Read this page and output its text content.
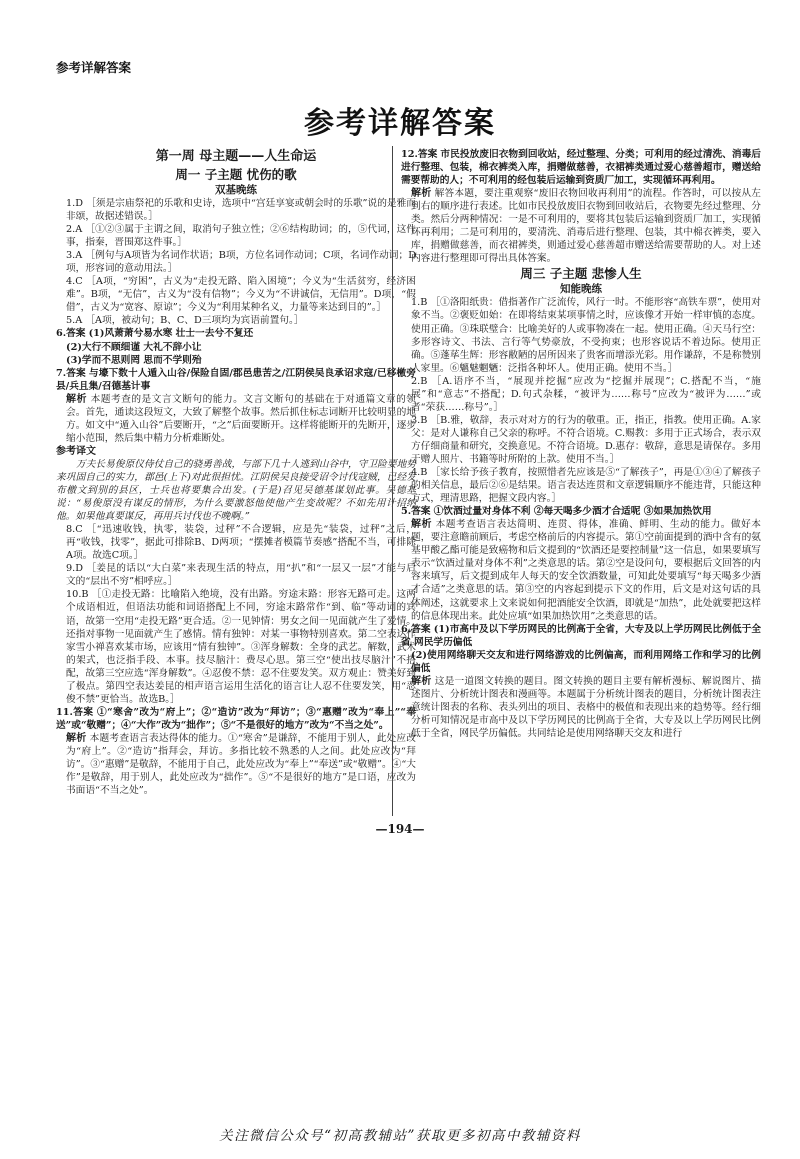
参考详解答案
参考详解答案

第一周 母主题——人生命运

周一 子主题 忧伤的歌

双基晚练

1.D ［须是宗庙祭祀的乐歌和史诗，选项中“宫廷享宴或朝会时的乐歌”说的是雅而非颂，故据述错误。］

2.A ［①②③属于主谓之间，取消句子独立性；②⑥结构助词；的，⑤代词，这件事，指秦，晋围郑这件事。］

3.A ［例句与A项皆为名词作状语；B项，方位名词作动词；C项，名词作动词；D项，形容词的意动用法。］

4.C ［A项，“穷困”，古义为“走投无路、陷入困境”；今义为“生活贫穷，经济困难”。B项，“无信”，古义为“没有信物”；今义为“不讲诚信，无信用”。D项，“假借”，古义为“宽容、原谅”；今义为“利用某种名义，力量等来达到目的”。］

5.A ［A项，被动句；B、C、D三项均为宾语前置句。］

6.答案 (1)风萧萧兮易水寒 壮士一去兮不复还

(2)大行不顾细谨 大礼不辞小让

(3)学而不思则罔 思而不学则殆

7.答案 与壕下数十人遁入山谷/保险自固/郡邑患苦之/江阴侯吴良承诏求寇/已移檄旁县/兵且集/召德基计事

解析 本题考查的是文言文断句的能力。文言文断句的基础在于对通篇文章的领会。首先，通读这段短文，大致了解整个故事。然后抓住标志词断开比较明显的地方。如文中“遁入山谷”后要断开，“之”后面要断开。这样将能断开的先断开，逐步缩小范围，然后集中精力分析难断处。

参考译文

万夫长易俊原仪侍仗自己的骁勇善战，与部下几十人逃到山谷中，守卫险要地势来巩固自己的实力，郡邑(上下)对此很担忧。江阴侯吴良接受诏令讨伐寇贼，已经发布檄文到别的县区，士兵也将要集合出发。(于是)召见吴德基谋划此事。吴德基说：“易俊原没有谋反的情形，为什么要激怒他使他产生变故呢？不如先用计招纳他。如果他真要谋反，再用兵讨伐也不晚啊。”

8.C ［“迅速收钱，执零，装袋，过秤”不合逻辑，应是先“装袋，过秤”之后，再“收钱，找零”，据此可排除B、D两项；“摆摊者模篇节奏感”搭配不当，可排除A项。故选C项。］

9.D ［姜昆的话以“大白菜”来表现生活的特点，用“扒”和“一层又一层”才能与后文的“层出不穷”相呼应。］

10.B ［①走投无路：比喻陷入绝境，没有出路。穷途末路：形容无路可走。这两个成语相近，但语法功能和词语搭配上不同，穷途末路常作“到、临”等动词的宾语，故第一空用“走投无路”更合适。②一见钟情：男女之间一见面就产生了爱情。还指对事物一见面就产生了感情。情有独钟：对某一事物特别喜欢。第二空表达作家雪小禅喜欢某市场，应该用“情有独钟”。③浑身解数：全身的武艺。解数，武术的架式，也泛指手段、本事。技尽脑汁：费尽心思。第三空“使出技尽脑汁”不搭配，故第三空应选“浑身解数”。④忍俊不禁：忍不住要发笑。双方观止：赞美好到了极点。第四空表达姜昆的相声语言运用生活化的语言让人忍不住要发笑，用“忍俊不禁”更恰当。故选B。］

11.答案 ①“寒舍”改为“府上”；②“造访”改为“拜访”；③“惠赠”改为“奉上”“奉送”或“敬赠”；④“大作”改为“拙作”；⑤“不是很好的地方”改为“不当之处”。

解析 本题考查语言表达得体的能力。①“寒舍”是谦辞，不能用于别人，此处应改为“府上”。②“造访”指拜会，拜访。多指比较不熟悉的人之间。此处应改为“拜访”。③“惠赠”是敬辞，不能用于自己，此处应改为“奉上”“奉送”或“敬赠”。④“大作”是敬辞，用于别人，此处应改为“拙作”。⑤“不是很好的地方”是口语，应改为书面语“不当之处”。

12.答案 市民投放废旧衣物到回收站，经过整理、分类；可利用的经过清洗、消毒后进行整理、包装，棉衣裤类入库，捐赠做慈善，衣裙裤类通过爱心慈善超市，赠送给需要帮助的人；不可利用的经包装后运输到资质厂加工，实现循环再利用。

解析 解答本题，要注重观察“废旧衣物回收再利用”的流程。作答时，可以按从左到右的顺序进行表述。比如市民投放废旧衣物到回收站后，衣物要先经过整理、分类。然后分两种情况：一是不可利用的，要将其包装后运输到资质厂加工，实现循环再利用；二是可利用的，要清洗、消毒后进行整理、包装，其中棉衣裤类，要入库，捐赠做慈善，而衣裙裤类，则通过爱心慈善超市赠送给需要帮助的人。对上述内容进行整理即可得出具体答案。

周三 子主题 悲惨人生

知能晚练

1.B ［①洛阳纸贵：借指著作广泛流传，风行一时。不能形容“高铁车票”，使用对象不当。②褒贬如始：在即将结束某项事情之时，应该像才开始一样审慎的态度。使用正确。③珠联璧合：比喻美好的人或事物凑在一起。使用正确。④天马行空：多形容诗文、书法、言行等气势豪放，不受拘束；也形容说话不着边际。使用正确。⑤蓬荜生辉：形容敝陋的居所因来了贵客而增添光彩。用作谦辞，不是称赞别人家里。⑥魑魅魍魉：泛指各种坏人。使用正确。使用不当。］

2.B ［A.语序不当，“展现并挖掘”应改为“挖掘并展现”；C.搭配不当，“施展”和“意志”不搭配；D.句式杂糅，“被评为……称号”应改为“被评为……”或者“荣获……称号”。］

3.B ［B.雅，敬辞，表示对对方的行为的敬重。正，指正，指教。使用正确。A.家父：是对人谦称自己父亲的称呼。不符合语境。C.赐教：多用于正式场合，表示双方仔细商量和研究，交换意见。不符合语境。D.惠存：敬辞，意思是请保存。多用于赠人照片、书籍等时所附的上款。使用不当。］

4.B ［家长给予孩子教育，按照惜者先应该是⑤“了解孩子”，再是①③④了解孩子的相关信息，最后②⑥是结果。语言表达连贯和文章逻辑顺序不能违背，只能这种方式，理清思路，把握文段内容。］

5.答案 ①饮酒过量对身体不利 ②每天喝多少酒才合适呢 ③如果加热饮用

解析 本题考查语言表达简明、连贯、得体，准确、鲜明、生动的能力。做好本题，要注意瞻前顾后，考虑空格前后的内容提示。第①空前面提到的酒中含有的氨基甲酸乙酯可能是致癌物和后文提到的“饮酒还是要控制量”这一信息，如果要填写表示“饮酒过量对身体不利”之类意思的话。第②空是设问句，要根据后文回答的内容来填写，后文提到成年人每天的安全饮酒数量，可知此处要填写“每天喝多少酒才合适”之类意思的话。第③空的内容起到提示下文的作用，后文是对这句话的具体阐述，这就要求上文来说如何把酒能安全饮酒，即就是“加热”，此处就要把这样的信息体现出来。此处应填“如果加热饮用”之类意思的话。

6.答案 (1)市高中及以下学历网民的比例高于全省，大专及以上学历网民比例低于全省 网民学历偏低

(2)使用网络聊天交友和进行网络游戏的比例偏高，而利用网络工作和学习的比例偏低

解析 这是一道图文转换的题目。图文转换的题目主要有解析漫标、解说图片、描述图片、分析统计图表和漫画等。本题属于分析统计图表的题目，分析统计图表注意统计图表的名称、表头列出的项目、表格中的极值和表现出来的趋势等。经行细分析可知情况是市高中及以下学历网民的比例高于全省，大专及以上学历网民比例低于全省，网民学历偏低。共同结论是使用网络聊天交友和进行

—194—
关注微信公众号“初高教辅站”获取更多初高中教辅资料
